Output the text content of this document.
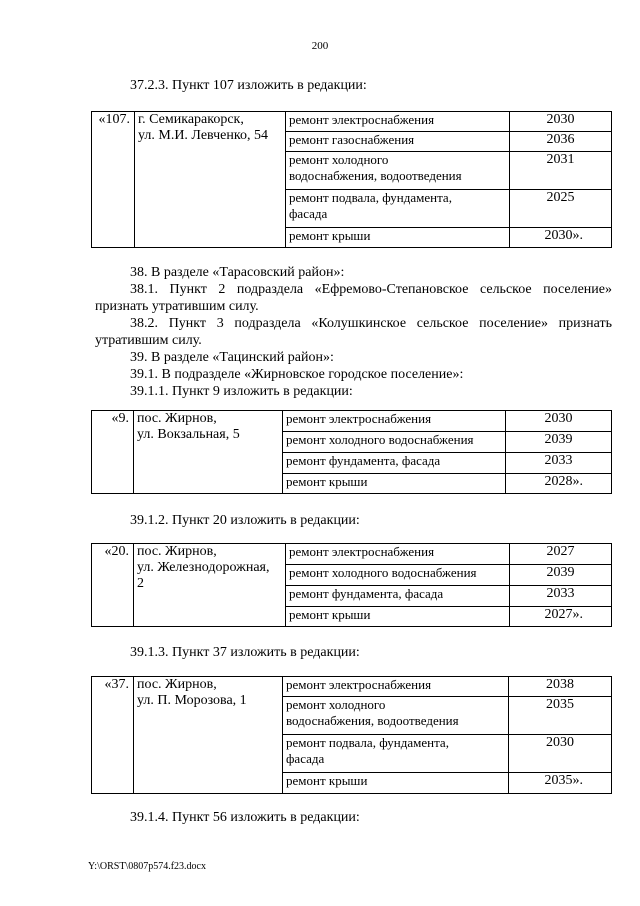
200
37.2.3. Пункт 107 изложить в редакции:
«107.	г. Семикаракорск,
ул. М.И. Левченко, 54	ремонт электроснабжения	2030
		ремонт газоснабжения	2036
		ремонт холодного
водоснабжения, водоотведения	2031
		ремонт подвала, фундамента,
фасада	2025
		ремонт крыши	2030».
38. В разделе «Тарасовский район»:
38.1. Пункт 2 подраздела «Ефремово-Степановское сельское поселение»
признать утратившим силу.
38.2. Пункт 3 подраздела «Колушкинское сельское поселение» признать
утратившим силу.
39. В разделе «Тацинский район»:
39.1. В подразделе «Жирновское городское поселение»:
39.1.1. Пункт 9 изложить в редакции:
«9.	пос. Жирнов,
ул. Вокзальная, 5	ремонт электроснабжения	2030
		ремонт холодного водоснабжения	2039
		ремонт фундамента, фасада	2033
		ремонт крыши	2028».
39.1.2. Пункт 20 изложить в редакции:
«20.	пос. Жирнов,
ул. Железнодорожная,
2	ремонт электроснабжения	2027
		ремонт холодного водоснабжения	2039
		ремонт фундамента, фасада	2033
		ремонт крыши	2027».
39.1.3. Пункт 37 изложить в редакции:
«37.	пос. Жирнов,
ул. П. Морозова, 1	ремонт электроснабжения	2038
		ремонт холодного
водоснабжения, водоотведения	2035
		ремонт подвала, фундамента,
фасада	2030
		ремонт крыши	2035».
39.1.4. Пункт 56 изложить в редакции:
Y:\ORST\0807p574.f23.docx
